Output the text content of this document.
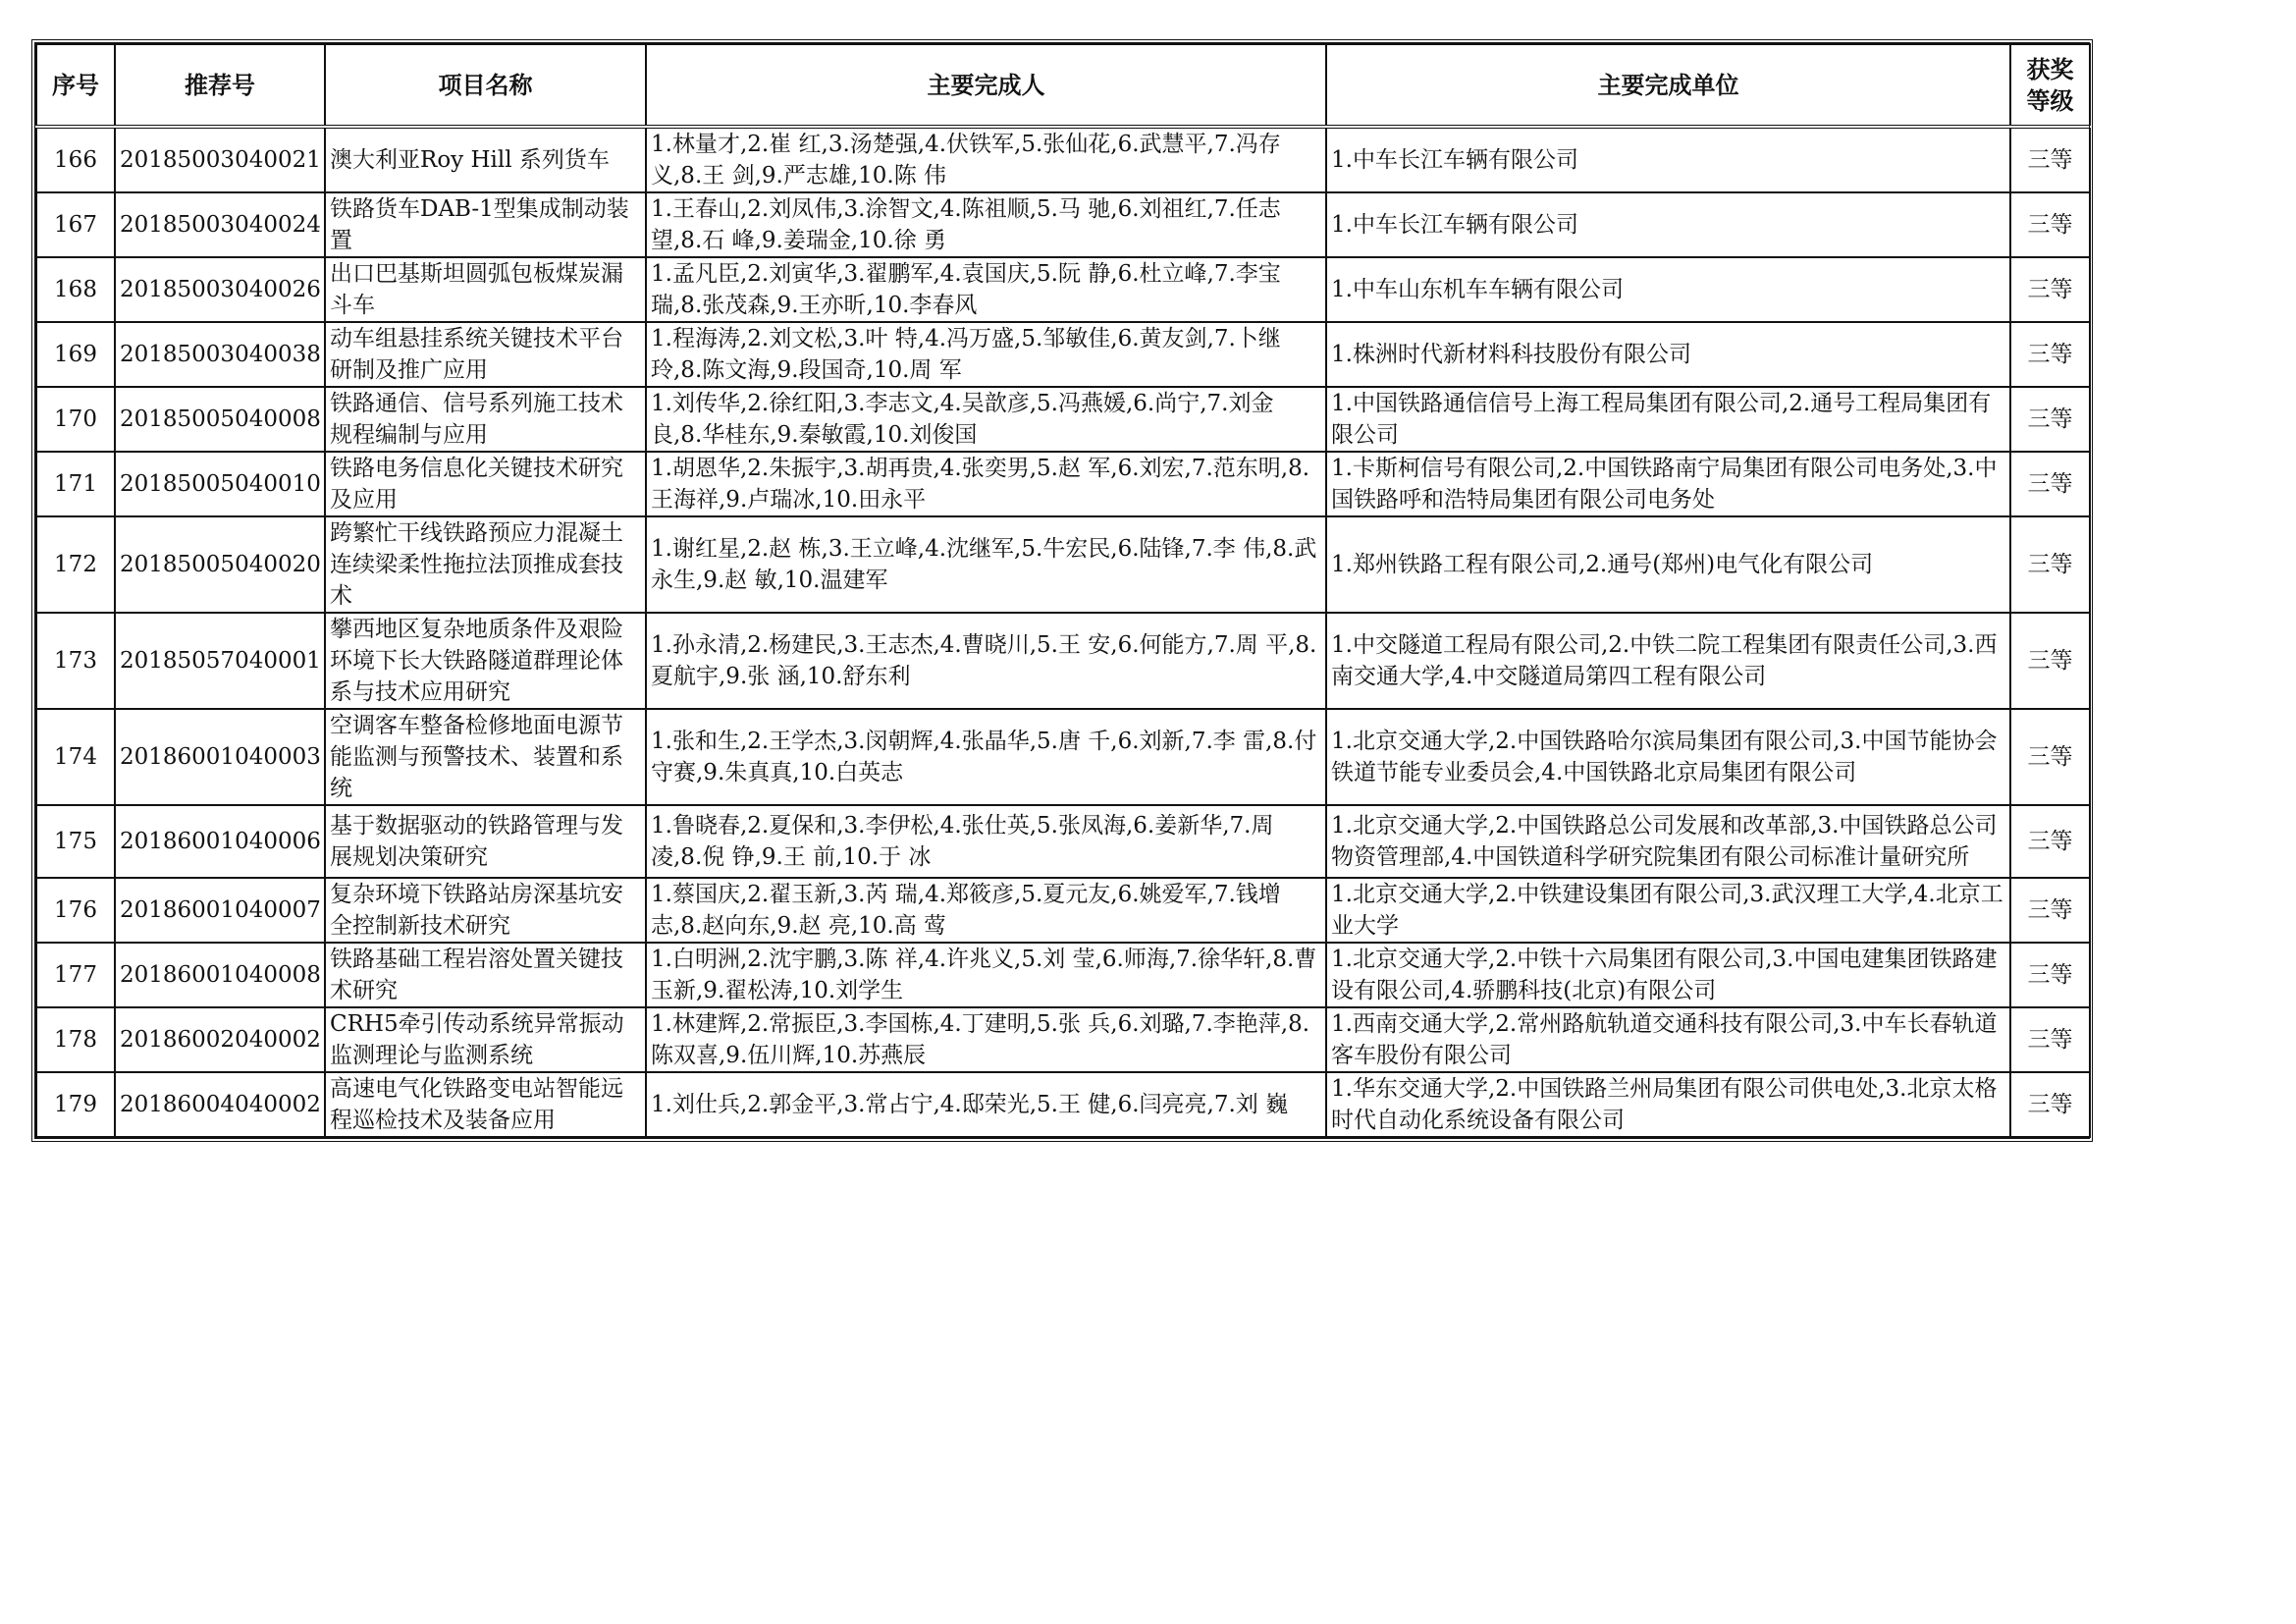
序号	推荐号	项目名称	主要完成人	主要完成单位	获奖
等级
166	20185003040021	澳大利亚Roy Hill 系列货车	1.林量才,2.崔 红,3.汤楚强,4.伏铁军,5.张仙花,6.武慧平,7.冯存义,8.王 剑,9.严志雄,10.陈 伟	1.中车长江车辆有限公司	三等
167	20185003040024	铁路货车DAB-1型集成制动装置	1.王春山,2.刘凤伟,3.涂智文,4.陈祖顺,5.马 驰,6.刘祖红,7.任志望,8.石 峰,9.姜瑞金,10.徐 勇	1.中车长江车辆有限公司	三等
168	20185003040026	出口巴基斯坦圆弧包板煤炭漏斗车	1.孟凡臣,2.刘寅华,3.翟鹏军,4.袁国庆,5.阮 静,6.杜立峰,7.李宝瑞,8.张茂森,9.王亦昕,10.李春风	1.中车山东机车车辆有限公司	三等
169	20185003040038	动车组悬挂系统关键技术平台研制及推广应用	1.程海涛,2.刘文松,3.叶 特,4.冯万盛,5.邹敏佳,6.黄友剑,7.卜继玲,8.陈文海,9.段国奇,10.周 军	1.株洲时代新材料科技股份有限公司	三等
170	20185005040008	铁路通信、信号系列施工技术规程编制与应用	1.刘传华,2.徐红阳,3.李志文,4.吴歆彦,5.冯燕媛,6.尚宁,7.刘金良,8.华桂东,9.秦敏霞,10.刘俊国	1.中国铁路通信信号上海工程局集团有限公司,2.通号工程局集团有限公司	三等
171	20185005040010	铁路电务信息化关键技术研究及应用	1.胡恩华,2.朱振宇,3.胡再贵,4.张奕男,5.赵 军,6.刘宏,7.范东明,8.王海祥,9.卢瑞冰,10.田永平	1.卡斯柯信号有限公司,2.中国铁路南宁局集团有限公司电务处,3.中国铁路呼和浩特局集团有限公司电务处	三等
172	20185005040020	跨繁忙干线铁路预应力混凝土连续梁柔性拖拉法顶推成套技术	1.谢红星,2.赵 栋,3.王立峰,4.沈继军,5.牛宏民,6.陆锋,7.李 伟,8.武永生,9.赵 敏,10.温建军	1.郑州铁路工程有限公司,2.通号(郑州)电气化有限公司	三等
173	20185057040001	攀西地区复杂地质条件及艰险环境下长大铁路隧道群理论体系与技术应用研究	1.孙永清,2.杨建民,3.王志杰,4.曹晓川,5.王 安,6.何能方,7.周 平,8.夏航宇,9.张 涵,10.舒东利	1.中交隧道工程局有限公司,2.中铁二院工程集团有限责任公司,3.西南交通大学,4.中交隧道局第四工程有限公司	三等
174	20186001040003	空调客车整备检修地面电源节能监测与预警技术、装置和系统	1.张和生,2.王学杰,3.闵朝辉,4.张晶华,5.唐 千,6.刘新,7.李 雷,8.付守赛,9.朱真真,10.白英志	1.北京交通大学,2.中国铁路哈尔滨局集团有限公司,3.中国节能协会铁道节能专业委员会,4.中国铁路北京局集团有限公司	三等
175	20186001040006	基于数据驱动的铁路管理与发展规划决策研究	1.鲁晓春,2.夏保和,3.李伊松,4.张仕英,5.张凤海,6.姜新华,7.周 凌,8.倪 铮,9.王 前,10.于 冰	1.北京交通大学,2.中国铁路总公司发展和改革部,3.中国铁路总公司物资管理部,4.中国铁道科学研究院集团有限公司标准计量研究所	三等
176	20186001040007	复杂环境下铁路站房深基坑安全控制新技术研究	1.蔡国庆,2.翟玉新,3.芮 瑞,4.郑筱彦,5.夏元友,6.姚爱军,7.钱增志,8.赵向东,9.赵 亮,10.高 莺	1.北京交通大学,2.中铁建设集团有限公司,3.武汉理工大学,4.北京工业大学	三等
177	20186001040008	铁路基础工程岩溶处置关键技术研究	1.白明洲,2.沈宇鹏,3.陈 祥,4.许兆义,5.刘 莹,6.师海,7.徐华轩,8.曹玉新,9.翟松涛,10.刘学生	1.北京交通大学,2.中铁十六局集团有限公司,3.中国电建集团铁路建设有限公司,4.骄鹏科技(北京)有限公司	三等
178	20186002040002	CRH5牵引传动系统异常振动监测理论与监测系统	1.林建辉,2.常振臣,3.李国栋,4.丁建明,5.张 兵,6.刘璐,7.李艳萍,8.陈双喜,9.伍川辉,10.苏燕辰	1.西南交通大学,2.常州路航轨道交通科技有限公司,3.中车长春轨道客车股份有限公司	三等
179	20186004040002	高速电气化铁路变电站智能远程巡检技术及装备应用	1.刘仕兵,2.郭金平,3.常占宁,4.邸荣光,5.王 健,6.闫亮亮,7.刘 巍	1.华东交通大学,2.中国铁路兰州局集团有限公司供电处,3.北京太格时代自动化系统设备有限公司	三等
